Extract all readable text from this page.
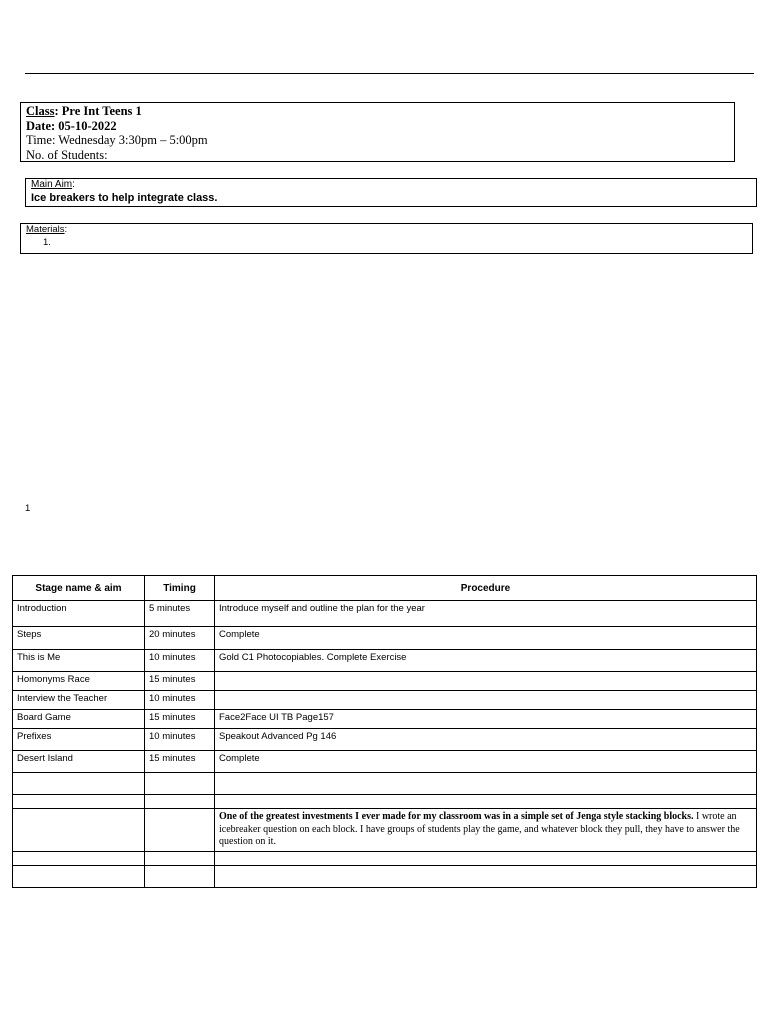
Class: Pre Int Teens 1
Date: 05-10-2022
Time: Wednesday 3:30pm – 5:00pm
No. of Students:
Main Aim:
Ice breakers to help integrate class.
Materials:
1.
1
Stage name & aim	Timing	Procedure
Introduction	5 minutes	Introduce myself and outline the plan for the year
Steps	20 minutes	Complete
This is Me	10 minutes	Gold C1 Photocopiables. Complete Exercise
Homonyms Race	15 minutes	
Interview the Teacher	10 minutes	
Board Game	15 minutes	Face2Face UI TB Page157
Prefixes	10 minutes	Speakout Advanced Pg 146
Desert Island	15 minutes	Complete

		One of the greatest investments I ever made for my classroom was in a simple set of Jenga style stacking blocks. I wrote an icebreaker question on each block. I have groups of students play the game, and whatever block they pull, they have to answer the question on it.
